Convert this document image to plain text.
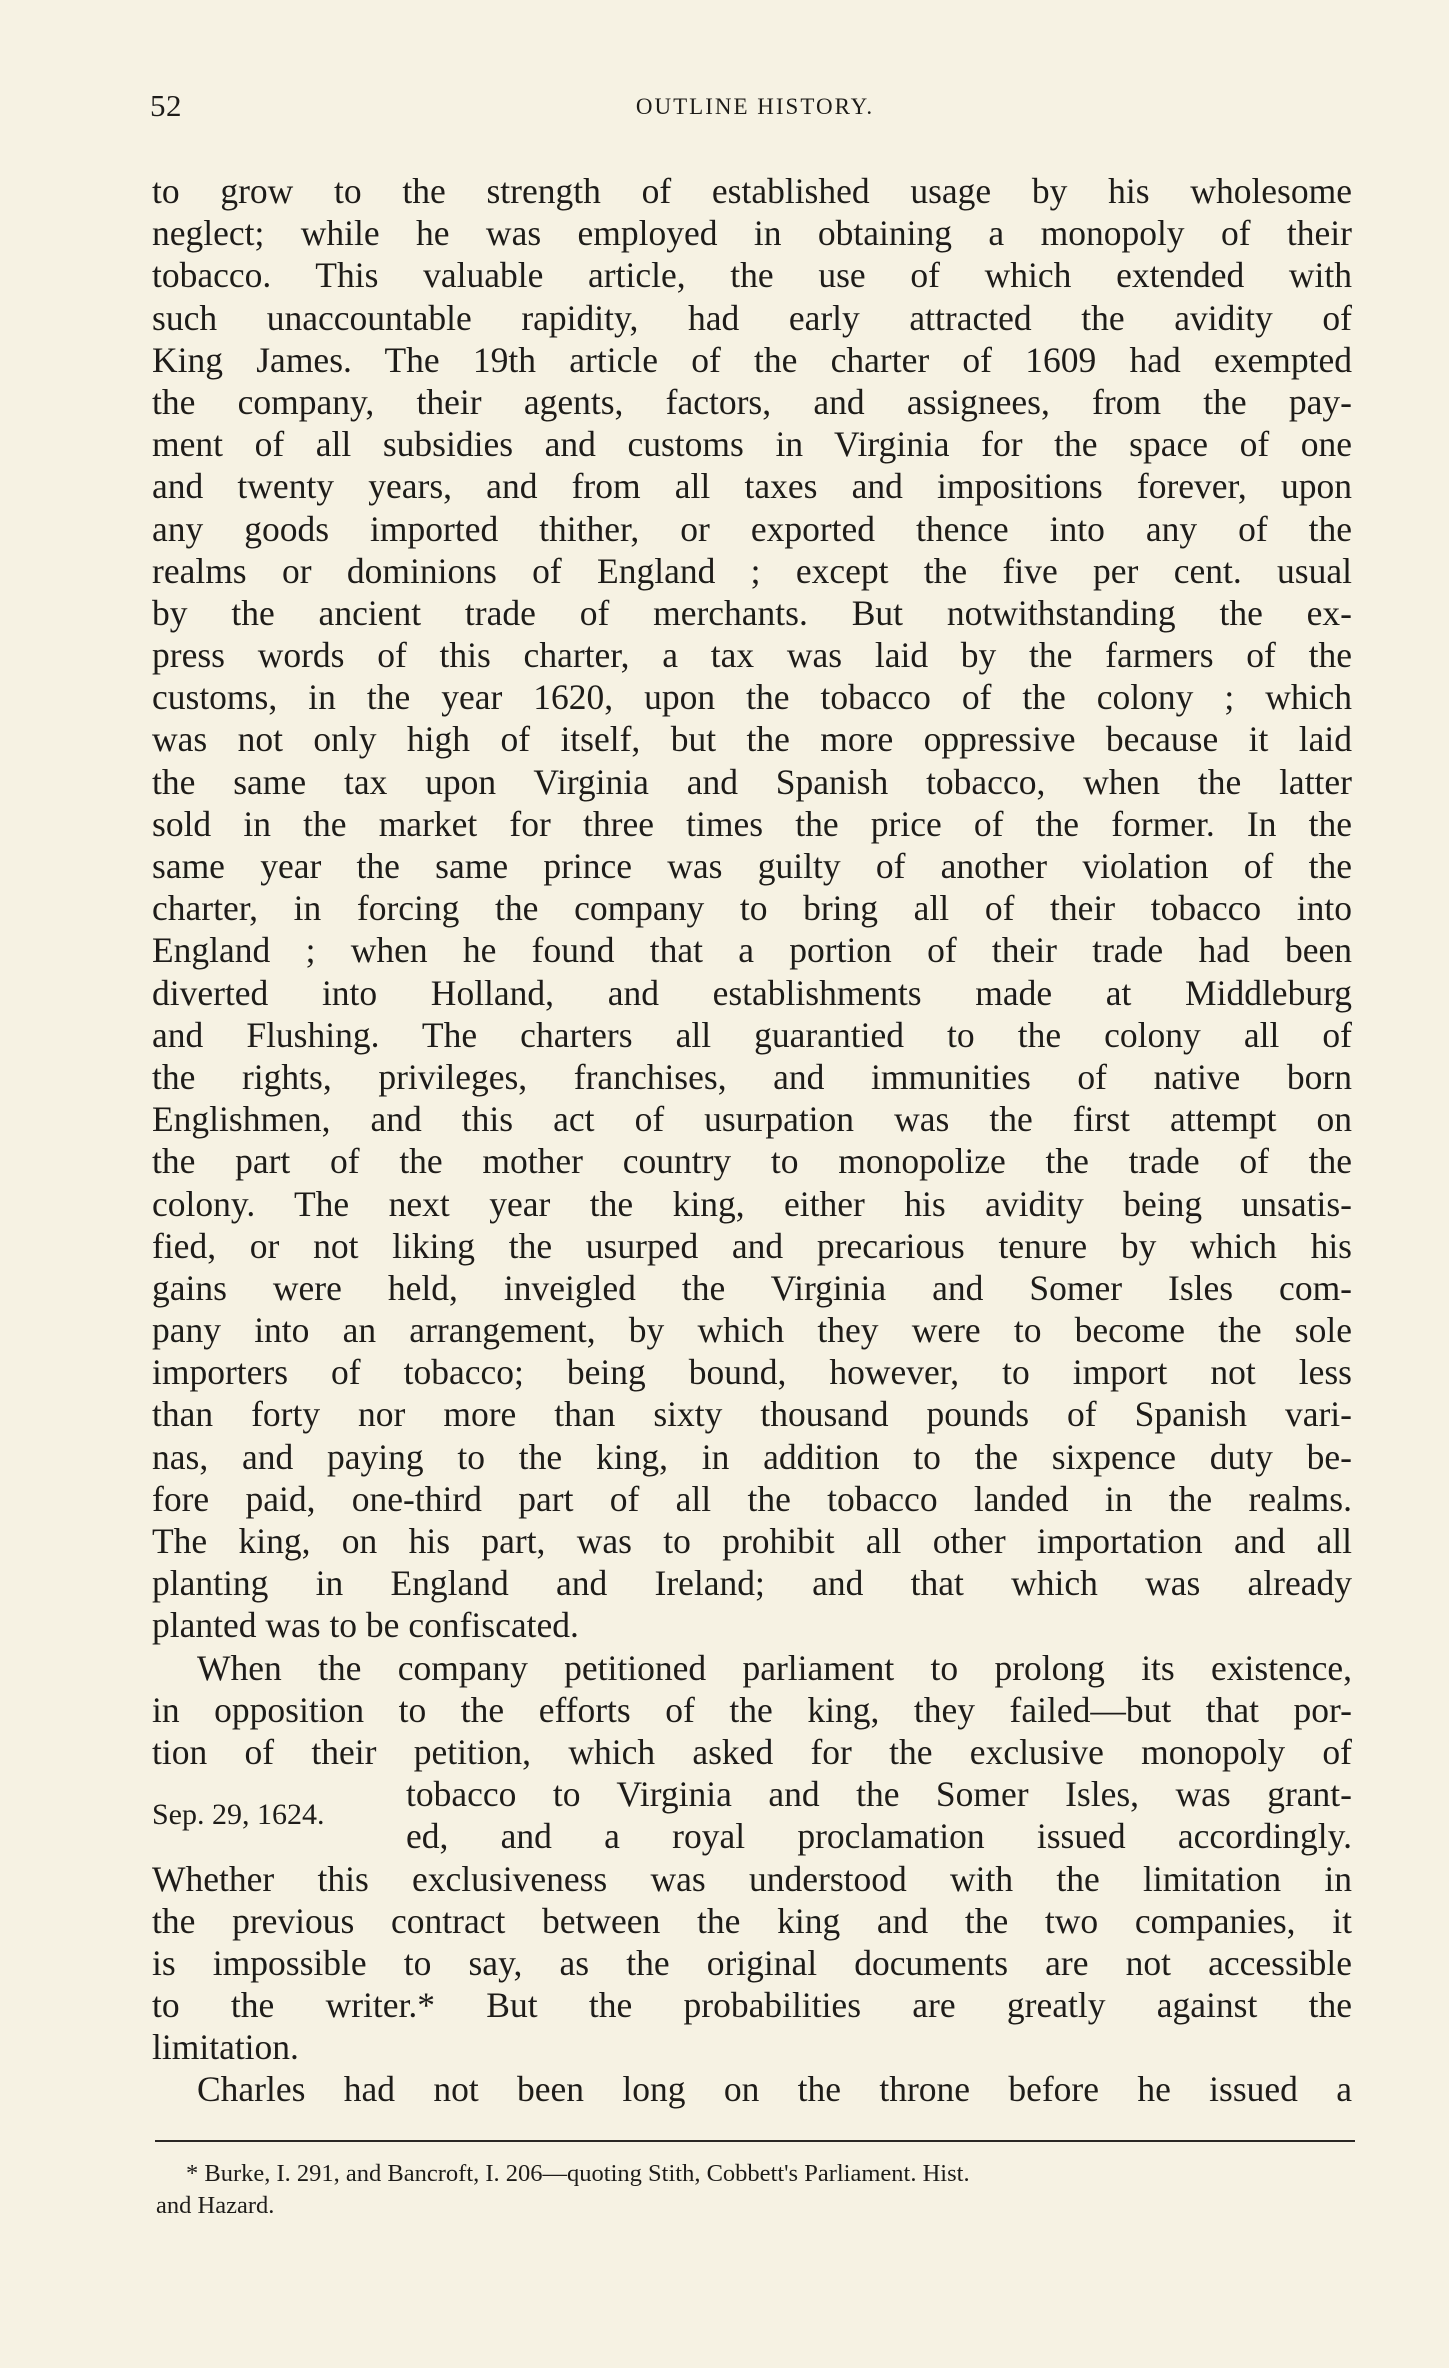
52	OUTLINE HISTORY.
to grow to the strength of established usage by his wholesome
neglect; while he was employed in obtaining a monopoly of their
tobacco. This valuable article, the use of which extended with
such unaccountable rapidity, had early attracted the avidity of
King James. The 19th article of the charter of 1609 had exempted
the company, their agents, factors, and assignees, from the pay-
ment of all subsidies and customs in Virginia for the space of one
and twenty years, and from all taxes and impositions forever, upon
any goods imported thither, or exported thence into any of the
realms or dominions of England ; except the five per cent. usual
by the ancient trade of merchants. But notwithstanding the ex-
press words of this charter, a tax was laid by the farmers of the
customs, in the year 1620, upon the tobacco of the colony ; which
was not only high of itself, but the more oppressive because it laid
the same tax upon Virginia and Spanish tobacco, when the latter
sold in the market for three times the price of the former. In the
same year the same prince was guilty of another violation of the
charter, in forcing the company to bring all of their tobacco into
England ; when he found that a portion of their trade had been
diverted into Holland, and establishments made at Middleburg
and Flushing. The charters all guarantied to the colony all of
the rights, privileges, franchises, and immunities of native born
Englishmen, and this act of usurpation was the first attempt on
the part of the mother country to monopolize the trade of the
colony. The next year the king, either his avidity being unsatis-
fied, or not liking the usurped and precarious tenure by which his
gains were held, inveigled the Virginia and Somer Isles com-
pany into an arrangement, by which they were to become the sole
importers of tobacco; being bound, however, to import not less
than forty nor more than sixty thousand pounds of Spanish vari-
nas, and paying to the king, in addition to the sixpence duty be-
fore paid, one-third part of all the tobacco landed in the realms.
The king, on his part, was to prohibit all other importation and all
planting in England and Ireland; and that which was already
planted was to be confiscated.
When the company petitioned parliament to prolong its existence,
in opposition to the efforts of the king, they failed—but that por-
tion of their petition, which asked for the exclusive monopoly of
Sep. 29, 1624.
tobacco to Virginia and the Somer Isles, was grant-
ed, and a royal proclamation issued accordingly.
Whether this exclusiveness was understood with the limitation in
the previous contract between the king and the two companies, it
is impossible to say, as the original documents are not accessible
to the writer.* But the probabilities are greatly against the
limitation.
Charles had not been long on the throne before he issued a
* Burke, I. 291, and Bancroft, I. 206—quoting Stith, Cobbett's Parliament. Hist.
and Hazard.
